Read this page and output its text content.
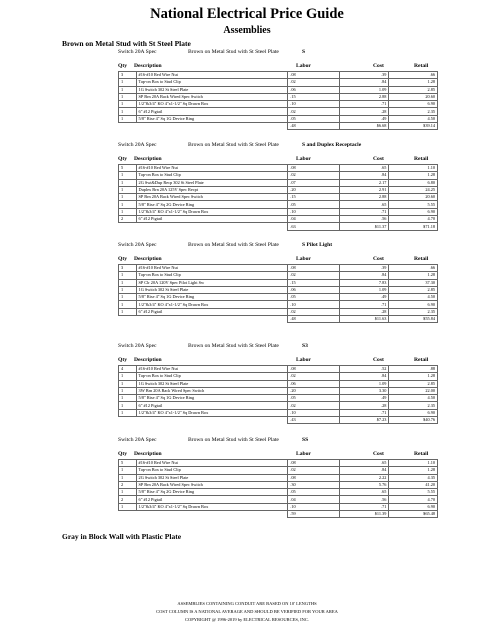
National Electrical Price Guide
Assemblies
Brown on Metal Stud with St Steel Plate
Switch 20A Spec	Brown on Metal Stud with St Steel Plate	S
Qty Description	Labor	Cost	Retail
3	#16-#10 Red Wire Nut	.08	.39	.66
1	Tap-on Box to Stud Clip	.02	.84	1.28
1	1G Switch 302 St Steel Plate	.06	1.09	2.85
1	SP Brn 20A Back Wired Spec Switch	.15	2.88	20.60
1	1/2"&3/4" KO 4"x1-1/2" Sq Drawn Box	.10	.71	6.90
1	6" #12 Pigtail	.02	.28	2.35
1	5/8" Rise 4" Sq 1G Device Ring	.05	.49	4.50
		.48	$6.68	$39.14
Switch 20A Spec	Brown on Metal Stud with St Steel Plate	S and Duplex Receptacle
Qty Description	Labor	Cost	Retail
5	#16-#10 Red Wire Nut	.08	.65	1.10
1	Tap-on Box to Stud Clip	.02	.84	1.28
1	2G Swt&Dup Recp 302 St Steel Plate	.07	2.17	6.80
1	Duplex Brn 20A 125V Spec Recpt	.20	2.91	24.25
1	SP Brn 20A Back Wired Spec Switch	.15	2.88	20.60
1	5/8" Rise 4" Sq 2G Device Ring	.05	.65	5.55
1	1/2"&3/4" KO 4"x1-1/2" Sq Drawn Box	.10	.71	6.90
2	6" #12 Pigtail	.04	.56	4.70
		.63	$11.37	$71.18
Switch 20A Spec	Brown on Metal Stud with St Steel Plate	S Pilot Light
Qty Description	Labor	Cost	Retail
3	#16-#10 Red Wire Nut	.08	.39	.66
1	Tap-on Box to Stud Clip	.02	.84	1.28
1	SP Clr 20A 120V Spec Pilot Light Sw	.15	7.83	37.30
1	1G Switch 302 St Steel Plate	.06	1.09	2.85
1	5/8" Rise 4" Sq 1G Device Ring	.05	.49	4.50
1	1/2"&3/4" KO 4"x1-1/2" Sq Drawn Box	.10	.71	6.90
1	6" #12 Pigtail	.02	.28	2.35
		.48	$11.63	$55.84
Switch 20A Spec	Brown on Metal Stud with St Steel Plate	S3
Qty Description	Labor	Cost	Retail
4	#16-#10 Red Wire Nut	.08	.52	.88
1	Tap-on Box to Stud Clip	.02	.84	1.28
1	1G Switch 302 St Steel Plate	.06	1.09	2.85
1	3W Brn 20A Back Wired Spec Switch	.20	3.30	22.00
1	5/8" Rise 4" Sq 1G Device Ring	.05	.49	4.50
1	6" #12 Pigtail	.02	.28	2.35
1	1/2"&3/4" KO 4"x1-1/2" Sq Drawn Box	.10	.71	6.90
		.43	$7.23	$40.76
Switch 20A Spec	Brown on Metal Stud with St Steel Plate	SS
Qty Description	Labor	Cost	Retail
5	#16-#10 Red Wire Nut	.08	.65	1.10
1	Tap-on Box to Stud Clip	.02	.84	1.28
1	2G Switch 302 St Steel Plate	.08	2.22	4.35
2	SP Brn 20A Back Wired Spec Switch	.30	5.76	41.20
1	5/8" Rise 4" Sq 2G Device Ring	.05	.65	5.55
2	6" #12 Pigtail	.04	.56	4.70
1	1/2"&3/4" KO 4"x1-1/2" Sq Drawn Box	.10	.71	6.90
		.59	$11.39	$65.48
Gray in Block Wall with Plastic Plate
ASSEMBLIES CONTAINING CONDUIT ARE BASED ON 10' LENGTHS
COST COLUMN IS A NATIONAL AVERAGE AND SHOULD BE VERIFIED FOR YOUR AREA
COPYRIGHT @ 1996-2019 by ELECTRICAL RESOURCES, INC.
